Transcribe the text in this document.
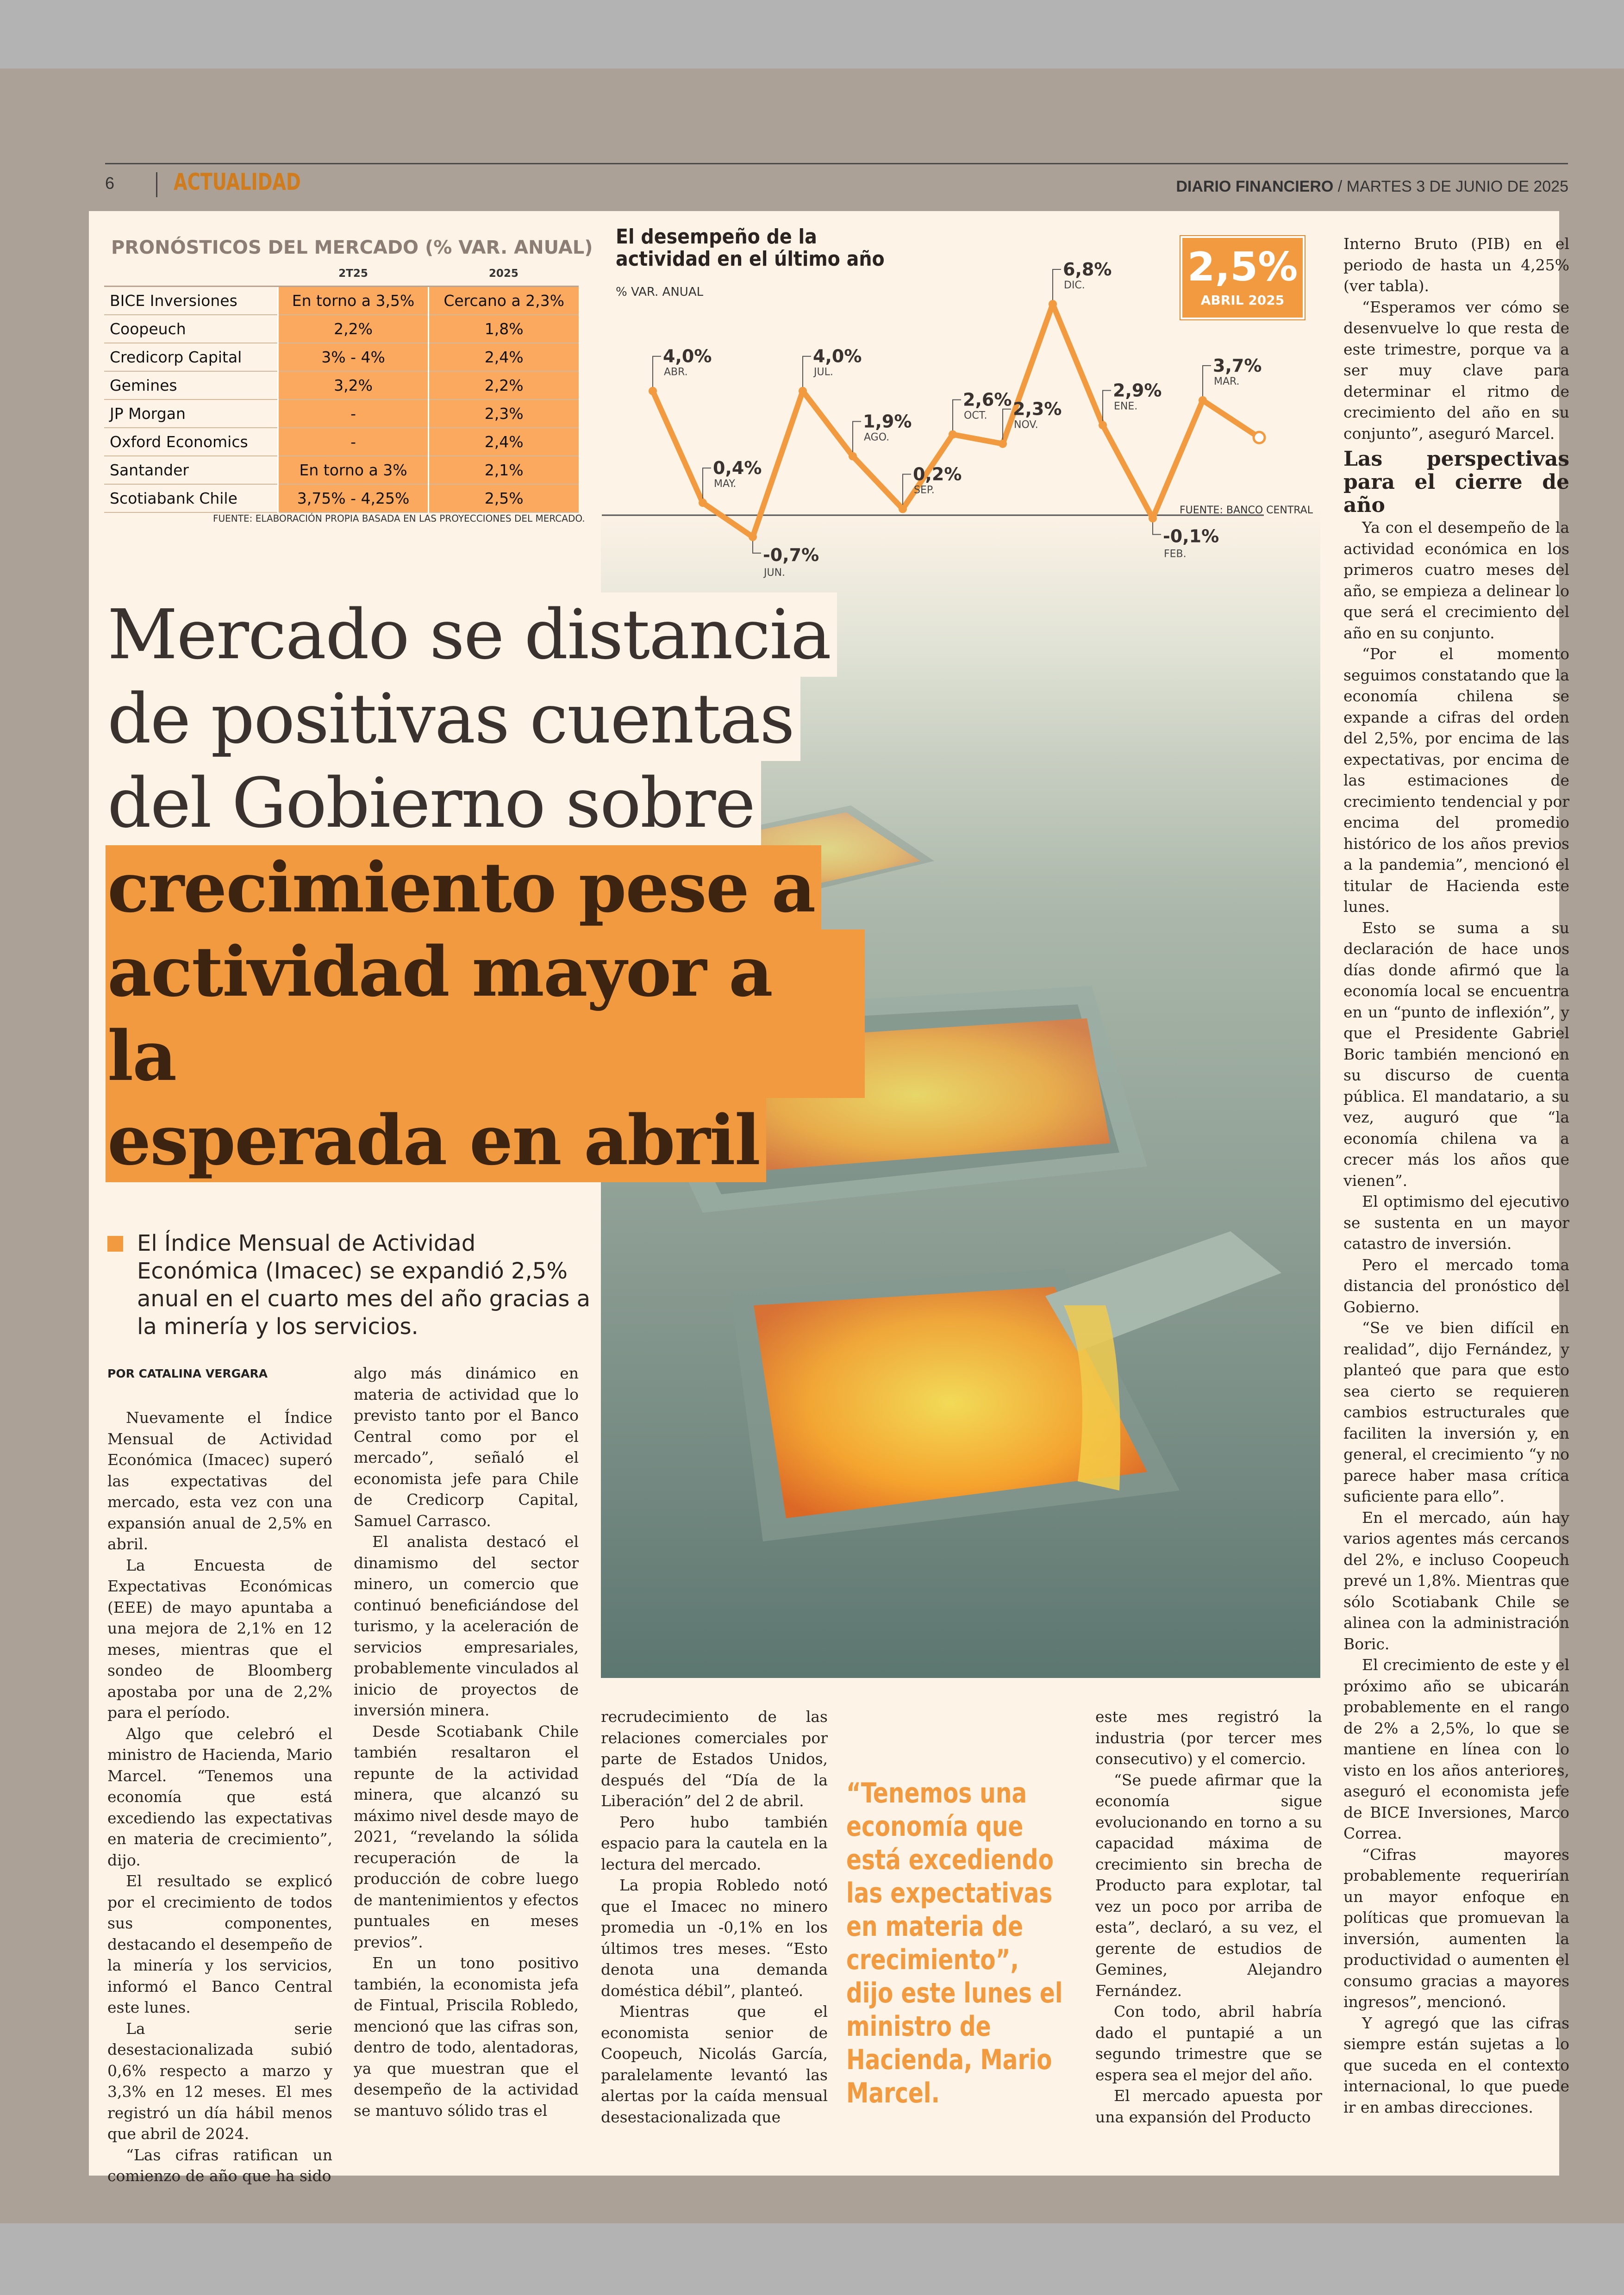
6	ACTUALIDAD	DIARIO FINANCIERO / MARTES 3 DE JUNIO DE 2025
PRONÓSTICOS DEL MERCADO (% VAR. ANUAL)
	2T25	2025
BICE Inversiones	En torno a 3,5%	Cercano a 2,3%
Coopeuch	2,2%	1,8%
Credicorp Capital	3% - 4%	2,4%
Gemines	3,2%	2,2%
JP Morgan	-	2,3%
Oxford Economics	-	2,4%
Santander	En torno a 3%	2,1%
Scotiabank Chile	3,75% - 4,25%	2,5%
FUENTE: ELABORACIÓN PROPIA BASADA EN LAS PROYECCIONES DEL MERCADO.
El desempeño de la actividad en el último año
% VAR. ANUAL
4,0%
ABR.
0,4%
MAY.
-0,7%
JUN.
4,0%
JUL.
1,9%
AGO.
0,2%
SEP.
2,6%
OCT. 2,3%
NOV.
6,8%
DIC.
2,9%
ENE.
-0,1%
FEB.
3,7%
MAR.
2,5%
ABRIL 2025
FUENTE: BANCO CENTRAL
Mercado se distancia
de positivas cuentas
del Gobierno sobre
crecimiento pese a
actividad mayor a la
esperada en abril
El Índice Mensual de Actividad Económica (Imacec) se expandió 2,5% anual en el cuarto mes del año gracias a la minería y los servicios.
POR CATALINA VERGARA

Nuevamente el Índice Mensual de Actividad Económica (Imacec) superó las expectativas del mercado, esta vez con una expansión anual de 2,5% en abril.

La Encuesta de Expectativas Económicas (EEE) de mayo apuntaba a una mejora de 2,1% en 12 meses, mientras que el sondeo de Bloomberg apostaba por una de 2,2% para el período.

Algo que celebró el ministro de Hacienda, Mario Marcel. “Tenemos una economía que está excediendo las expectativas en materia de crecimiento”, dijo.

El resultado se explicó por el crecimiento de todos sus componentes, destacando el desempeño de la minería y los servicios, informó el Banco Central este lunes.

La serie desestacionalizada subió 0,6% respecto a marzo y 3,3% en 12 meses. El mes registró un día hábil menos que abril de 2024.

“Las cifras ratifican un comienzo de año que ha sido

algo más dinámico en materia de actividad que lo previsto tanto por el Banco Central como por el mercado”, señaló el economista jefe para Chile de Credicorp Capital, Samuel Carrasco.

El analista destacó el dinamismo del sector minero, un comercio que continuó beneficiándose del turismo, y la aceleración de servicios empresariales, probablemente vinculados al inicio de proyectos de inversión minera.

Desde Scotiabank Chile también resaltaron el repunte de la actividad minera, que alcanzó su máximo nivel desde mayo de 2021, “revelando la sólida recuperación de la producción de cobre luego de mantenimientos y efectos puntuales en meses previos”.

En un tono positivo también, la economista jefa de Fintual, Priscila Robledo, mencionó que las cifras son, dentro de todo, alentadoras, ya que muestran que el desempeño de la actividad se mantuvo sólido tras el

recrudecimiento de las relaciones comerciales por parte de Estados Unidos, después del “Día de la Liberación” del 2 de abril.

Pero hubo también espacio para la cautela en la lectura del mercado.

La propia Robledo notó que el Imacec no minero promedia un -0,1% en los últimos tres meses. “Esto denota una demanda doméstica débil”, planteó.

Mientras que el economista senior de Coopeuch, Nicolás García, paralelamente levantó las alertas por la caída mensual desestacionalizada que

“Tenemos una economía que está excediendo las expectativas en materia de crecimiento”, dijo este lunes el ministro de Hacienda, Mario Marcel.

este mes registró la industria (por tercer mes consecutivo) y el comercio.

“Se puede afirmar que la economía sigue evolucionando en torno a su capacidad máxima de crecimiento sin brecha de Producto para explotar, tal vez un poco por arriba de esta”, declaró, a su vez, el gerente de estudios de Gemines, Alejandro Fernández.

Con todo, abril habría dado el puntapié a un segundo trimestre que se espera sea el mejor del año.

El mercado apuesta por una expansión del Producto

Interno Bruto (PIB) en el periodo de hasta un 4,25% (ver tabla).

“Esperamos ver cómo se desenvuelve lo que resta de este trimestre, porque va a ser muy clave para determinar el ritmo de crecimiento del año en su conjunto”, aseguró Marcel.

Las perspectivas para el cierre de año

Ya con el desempeño de la actividad económica en los primeros cuatro meses del año, se empieza a delinear lo que será el crecimiento del año en su conjunto.

“Por el momento seguimos constatando que la economía chilena se expande a cifras del orden del 2,5%, por encima de las expectativas, por encima de las estimaciones de crecimiento tendencial y por encima del promedio histórico de los años previos a la pandemia”, mencionó el titular de Hacienda este lunes.

Esto se suma a su declaración de hace unos días donde afirmó que la economía local se encuentra en un “punto de inflexión”, y que el Presidente Gabriel Boric también mencionó en su discurso de cuenta pública. El mandatario, a su vez, auguró que “la economía chilena va a crecer más los años que vienen”.

El optimismo del ejecutivo se sustenta en un mayor catastro de inversión.

Pero el mercado toma distancia del pronóstico del Gobierno.

“Se ve bien difícil en realidad”, dijo Fernández, y planteó que para que esto sea cierto se requieren cambios estructurales que faciliten la inversión y, en general, el crecimiento “y no parece haber masa crítica suficiente para ello”.

En el mercado, aún hay varios agentes más cercanos del 2%, e incluso Coopeuch prevé un 1,8%. Mientras que sólo Scotiabank Chile se alinea con la administración Boric.

El crecimiento de este y el próximo año se ubicarán probablemente en el rango de 2% a 2,5%, lo que se mantiene en línea con lo visto en los años anteriores, aseguró el economista jefe de BICE Inversiones, Marco Correa.

“Cifras mayores probablemente requerirían un mayor enfoque en políticas que promuevan la inversión, aumenten la productividad o aumenten el consumo gracias a mayores ingresos”, mencionó.

Y agregó que las cifras siempre están sujetas a lo que suceda en el contexto internacional, lo que puede ir en ambas direcciones.
